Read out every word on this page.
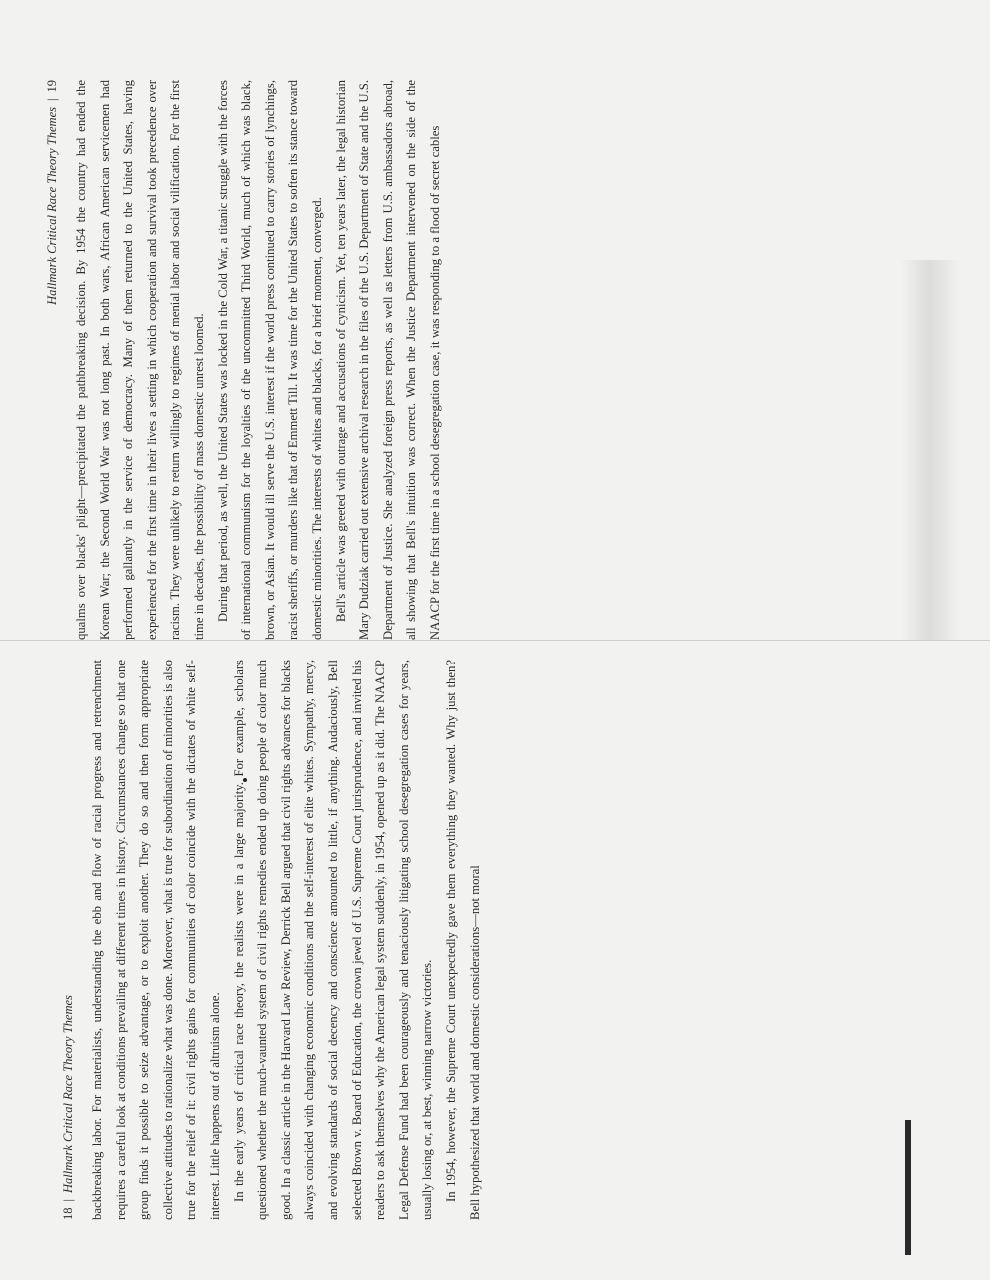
18|Hallmark Critical Race Theory Themes	backbreaking labor. For materialists, understanding the ebb and flow of racial progress and retrenchment requires a careful look at conditions prevailing at different times in history. Circumstances change so that one group finds it possible to seize advantage, or to exploit another. They do so and then form appropriate collective attitudes to rationalize what was done. Moreover, what is true for subordination of minorities is also true for the relief of it: civil rights gains for communities of color coincide with the dictates of white self-interest. Little happens out of altruism alone. In the early years of critical race theory, the realists were in a large majority. For example, scholars questioned whether the much-vaunted system of civil rights remedies ended up doing people of color much good. In a classic article in the Harvard Law Review, Derrick Bell argued that civil rights advances for blacks always coincided with changing economic conditions and the self-interest of elite whites. Sympathy, mercy, and evolving standards of social decency and conscience amounted to little, if anything. Audaciously, Bell selected Brown v. Board of Education, the crown jewel of U.S. Supreme Court jurisprudence, and invited his readers to ask themselves why the American legal system suddenly, in 1954, opened up as it did. The NAACP Legal Defense Fund had been courageously and tenaciously litigating school desegregation cases for years, usually losing or, at best, winning narrow victories. In 1954, however, the Supreme Court unexpectedly gave them everything they wanted. Why just then? Bell hypothesized that world and domestic considerations—not moral

Hallmark Critical Race Theory Themes|19	qualms over blacks' plight—precipitated the pathbreaking decision. By 1954 the country had ended the Korean War; the Second World War was not long past. In both wars, African American servicemen had performed gallantly in the service of democracy. Many of them returned to the United States, having experienced for the first time in their lives a setting in which cooperation and survival took precedence over racism. They were unlikely to return willingly to regimes of menial labor and social vilification. For the first time in decades, the possibility of mass domestic unrest loomed. During that period, as well, the United States was locked in the Cold War, a titanic struggle with the forces of international communism for the loyalties of the uncommitted Third World, much of which was black, brown, or Asian. It would ill serve the U.S. interest if the world press continued to carry stories of lynchings, racist sheriffs, or murders like that of Emmett Till. It was time for the United States to soften its stance toward domestic minorities. The interests of whites and blacks, for a brief moment, converged. Bell's article was greeted with outrage and accusations of cynicism. Yet, ten years later, the legal historian Mary Dudziak carried out extensive archival research in the files of the U.S. Department of State and the U.S. Department of Justice. She analyzed foreign press reports, as well as letters from U.S. ambassadors abroad, all showing that Bell's intuition was correct. When the Justice Department intervened on the side of the NAACP for the first time in a school desegregation case, it was responding to a flood of secret cables
